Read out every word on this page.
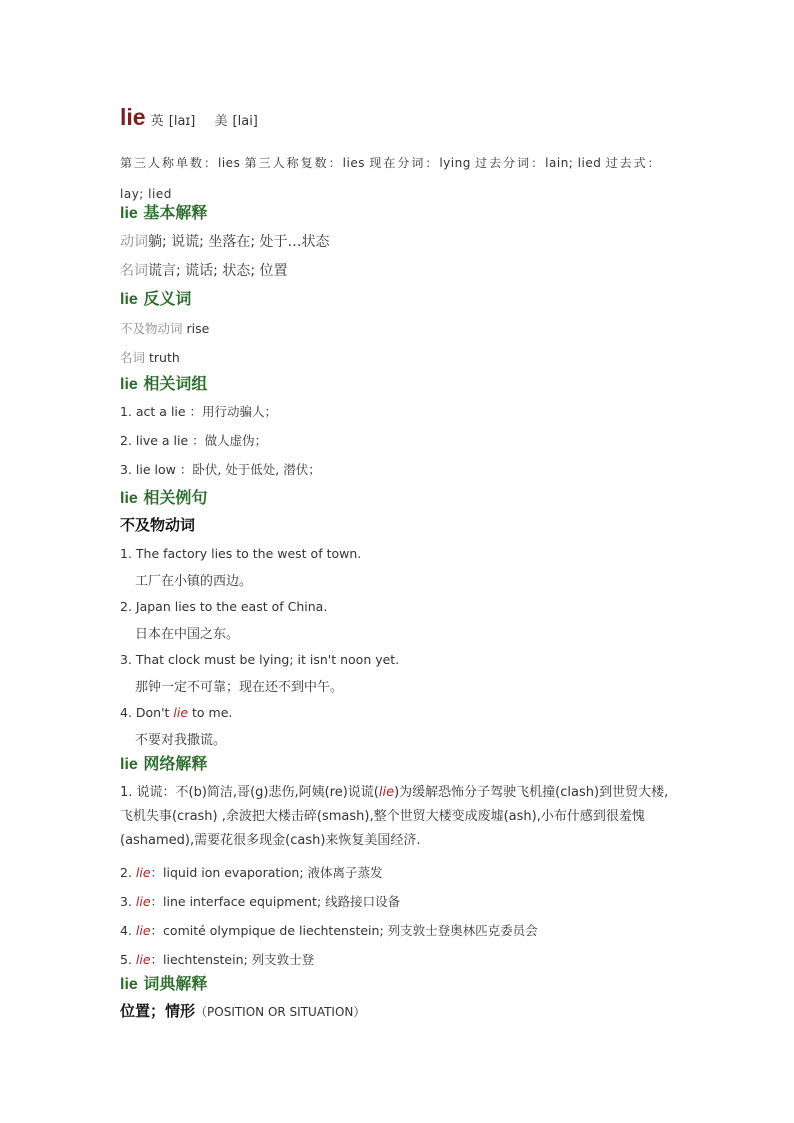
lie 英 [laɪ] 美 [lai]
第三人称单数：lies 第三人称复数：lies 现在分词：lying 过去分词：lain; lied 过去式：lay; lied
lie 基本解释
动词躺; 说谎; 坐落在; 处于…状态
名词谎言; 谎话; 状态; 位置
lie 反义词
不及物动词 rise
名词 truth
lie 相关词组
1. act a lie ：用行动骗人；
2. live a lie ：做人虚伪；
3. lie low ：卧伏, 处于低处, 潜伏；
lie 相关例句
不及物动词
1. The factory lies to the west of town.
工厂在小镇的西边。
2. Japan lies to the east of China.
日本在中国之东。
3. That clock must be lying; it isn't noon yet.
那钟一定不可靠；现在还不到中午。
4. Don't lie to me.
不要对我撒谎。
lie 网络解释
1. 说谎：不(b)简洁,哥(g)悲伤,阿姨(re)说谎(lie)为缓解恐怖分子驾驶飞机撞(clash)到世贸大楼,飞机失事(crash) ,余波把大楼击碎(smash),整个世贸大楼变成废墟(ash),小布什感到很羞愧(ashamed),需要花很多现金(cash)来恢复美国经济.
2. lie：liquid ion evaporation; 液体离子蒸发
3. lie：line interface equipment; 线路接口设备
4. lie：comité olympique de liechtenstein; 列支敦士登奥林匹克委员会
5. lie：liechtenstein; 列支敦士登
lie 词典解释
位置；情形（POSITION OR SITUATION）
